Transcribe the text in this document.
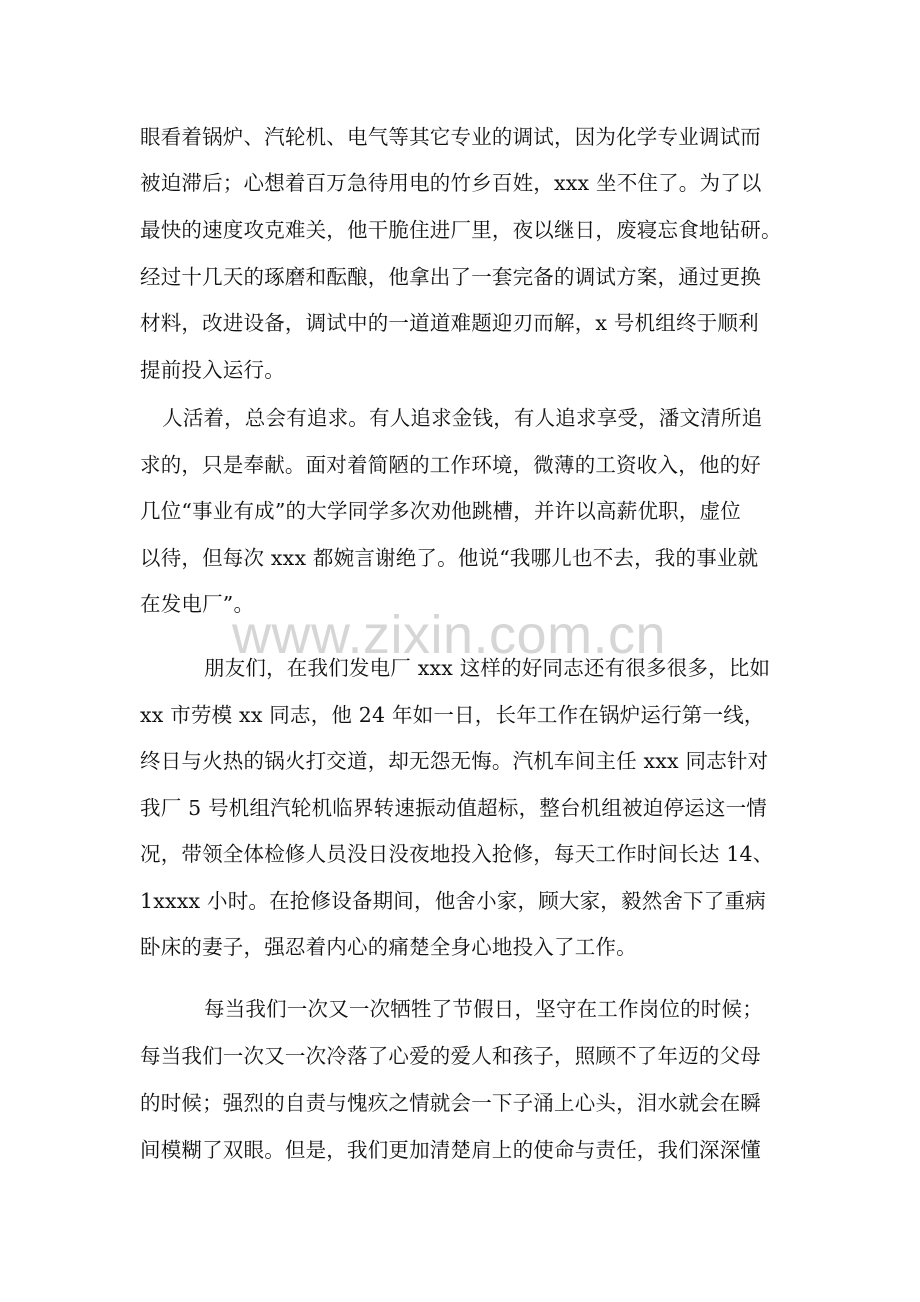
眼看着锅炉、汽轮机、电气等其它专业的调试，因为化学专业调试而
被迫滞后；心想着百万急待用电的竹乡百姓，xxx 坐不住了。为了以
最快的速度攻克难关，他干脆住进厂里，夜以继日，废寝忘食地钻研。
经过十几天的琢磨和酝酿，他拿出了一套完备的调试方案，通过更换
材料，改进设备，调试中的一道道难题迎刃而解，x 号机组终于顺利
提前投入运行。
人活着，总会有追求。有人追求金钱，有人追求享受，潘文清所追
求的，只是奉献。面对着简陋的工作环境，微薄的工资收入，他的好
几位“事业有成”的大学同学多次劝他跳槽，并许以高薪优职，虚位
以待，但每次 xxx 都婉言谢绝了。他说“我哪儿也不去，我的事业就
在发电厂”。
朋友们，在我们发电厂 xxx 这样的好同志还有很多很多，比如
xx 市劳模 xx 同志，他 24 年如一日，长年工作在锅炉运行第一线，
终日与火热的锅火打交道，却无怨无悔。汽机车间主任 xxx 同志针对
我厂 5 号机组汽轮机临界转速振动值超标，整台机组被迫停运这一情
况，带领全体检修人员没日没夜地投入抢修，每天工作时间长达 14、
1xxxx 小时。在抢修设备期间，他舍小家，顾大家，毅然舍下了重病
卧床的妻子，强忍着内心的痛楚全身心地投入了工作。
每当我们一次又一次牺牲了节假日，坚守在工作岗位的时候；
每当我们一次又一次冷落了心爱的爱人和孩子，照顾不了年迈的父母
的时候；强烈的自责与愧疚之情就会一下子涌上心头，泪水就会在瞬
间模糊了双眼。但是，我们更加清楚肩上的使命与责任，我们深深懂
www.zixin.com.cn
